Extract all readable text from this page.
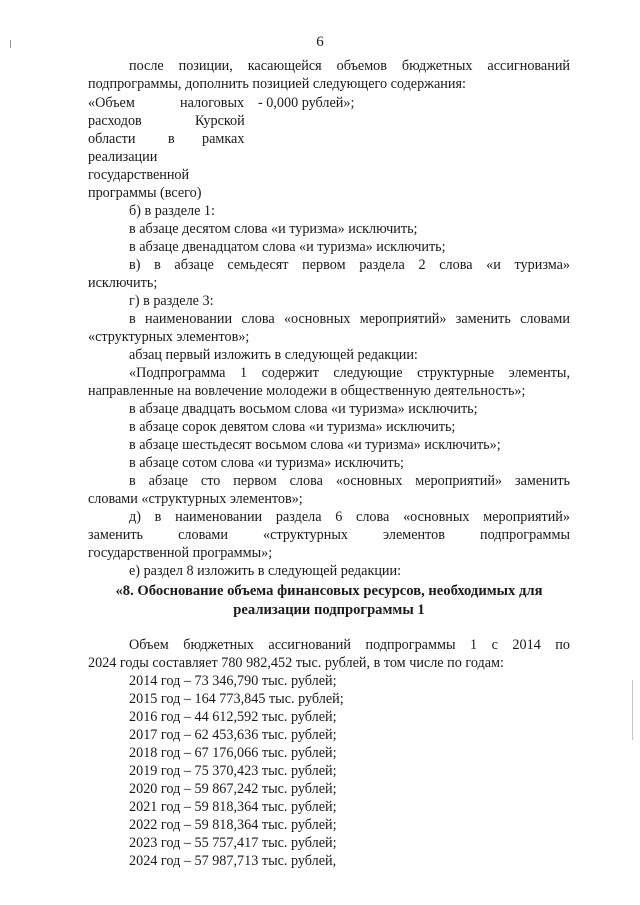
6
после позиции, касающейся объемов бюджетных ассигнований
подпрограммы, дополнить позицией следующего содержания:
«Объем	налоговых - 0,000 рублей»;
расходов	Курской
области в рамках
реализации
государственной
программы (всего)
б) в разделе 1:
в абзаце десятом слова «и туризма» исключить;
в абзаце двенадцатом слова «и туризма» исключить;
в) в абзаце семьдесят первом раздела 2 слова «и туризма»
исключить;
г) в разделе 3:
в наименовании слова «основных мероприятий» заменить словами
«структурных элементов»;
абзац первый изложить в следующей редакции:
«Подпрограмма 1 содержит следующие структурные элементы,
направленные на вовлечение молодежи в общественную деятельность»;
в абзаце двадцать восьмом слова «и туризма» исключить;
в абзаце сорок девятом слова «и туризма» исключить;
в абзаце шестьдесят восьмом слова «и туризма» исключить»;
в абзаце сотом слова «и туризма» исключить;
в абзаце сто первом слова «основных мероприятий» заменить
словами «структурных элементов»;
д) в наименовании раздела 6 слова «основных мероприятий»
заменить словами «структурных элементов подпрограммы
государственной программы»;
е) раздел 8 изложить в следующей редакции:
«8. Обоснование объема финансовых ресурсов, необходимых для
реализации подпрограммы 1
Объем бюджетных ассигнований подпрограммы 1 с 2014 по
2024 годы составляет 780 982,452 тыс. рублей, в том числе по годам:
2014 год – 73 346,790 тыс. рублей;
2015 год – 164 773,845 тыс. рублей;
2016 год – 44 612,592 тыс. рублей;
2017 год – 62 453,636 тыс. рублей;
2018 год – 67 176,066 тыс. рублей;
2019 год – 75 370,423 тыс. рублей;
2020 год – 59 867,242 тыс. рублей;
2021 год – 59 818,364 тыс. рублей;
2022 год – 59 818,364 тыс. рублей;
2023 год – 55 757,417 тыс. рублей;
2024 год – 57 987,713 тыс. рублей,
